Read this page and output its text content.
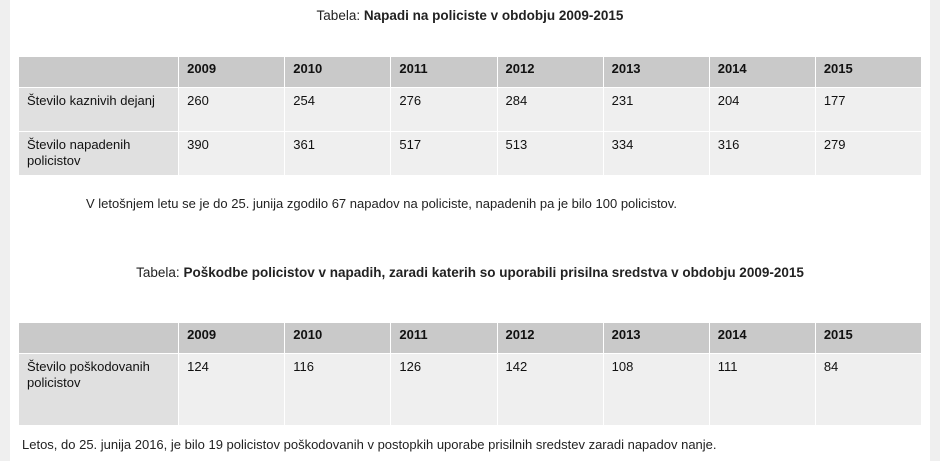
Tabela: Napadi na policiste v obdobju 2009-2015
	2009	2010	2011	2012	2013	2014	2015
Število kaznivih dejanj	260	254	276	284	231	204	177
Število napadenih policistov	390	361	517	513	334	316	279
V letošnjem letu se je do 25. junija zgodilo 67 napadov na policiste, napadenih pa je bilo 100 policistov.
Tabela: Poškodbe policistov v napadih, zaradi katerih so uporabili prisilna sredstva v obdobju 2009-2015
	2009	2010	2011	2012	2013	2014	2015
Število poškodovanih policistov	124	116	126	142	108	111	84
Letos, do 25. junija 2016, je bilo 19 policistov poškodovanih v postopkih uporabe prisilnih sredstev zaradi napadov nanje.
